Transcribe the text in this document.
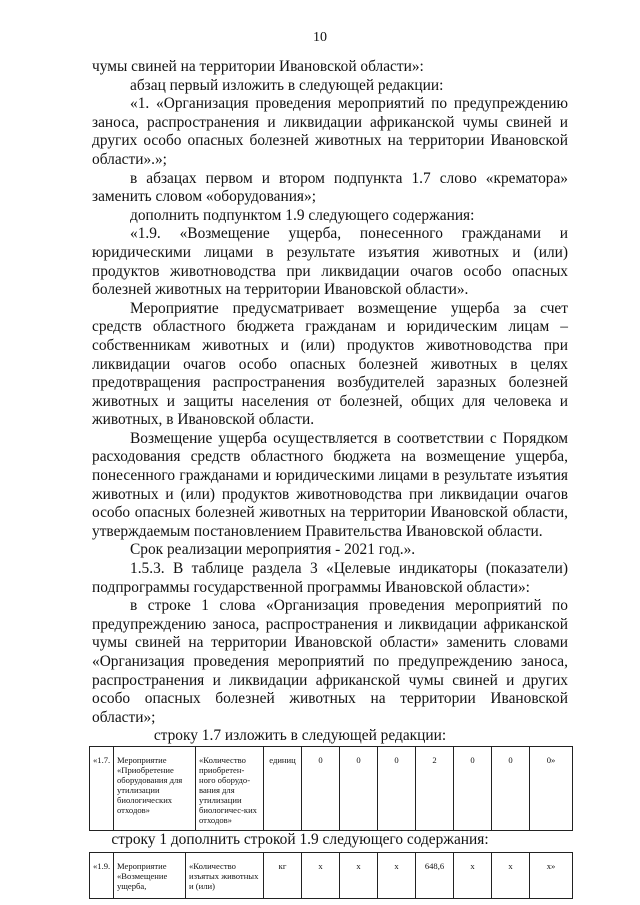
10

чумы свиней на территории Ивановской области»:

абзац первый изложить в следующей редакции:

«1. «Организация проведения мероприятий по предупреждению заноса, распространения и ликвидации африканской чумы свиней и других особо опасных болезней животных на территории Ивановской области».»;

в абзацах первом и втором подпункта 1.7 слово «крематора» заменить словом «оборудования»;

дополнить подпунктом 1.9 следующего содержания:

«1.9. «Возмещение ущерба, понесенного гражданами и юридическими лицами в результате изъятия животных и (или) продуктов животноводства при ликвидации очагов особо опасных болезней животных на территории Ивановской области».

Мероприятие предусматривает возмещение ущерба за счет средств областного бюджета гражданам и юридическим лицам – собственникам животных и (или) продуктов животноводства при ликвидации очагов особо опасных болезней животных в целях предотвращения распространения возбудителей заразных болезней животных и защиты населения от болезней, общих для человека и животных, в Ивановской области.

Возмещение ущерба осуществляется в соответствии с Порядком расходования средств областного бюджета на возмещение ущерба, понесенного гражданами и юридическими лицами в результате изъятия животных и (или) продуктов животноводства при ликвидации очагов особо опасных болезней животных на территории Ивановской области, утверждаемым постановлением Правительства Ивановской области.

Срок реализации мероприятия - 2021 год.».

1.5.3. В таблице раздела 3 «Целевые индикаторы (показатели) подпрограммы государственной программы Ивановской области»:

в строке 1 слова «Организация проведения мероприятий по предупреждению заноса, распространения и ликвидации африканской чумы свиней на территории Ивановской области» заменить словами «Организация проведения мероприятий по предупреждению заноса, распространения и ликвидации африканской чумы свиней и других особо опасных болезней животных на территории Ивановской области»;

строку 1.7 изложить в следующей редакции:

«1.7.	Мероприятие «Приобретение оборудования для утилизации биологических отходов»	«Количество приобретен-ного оборудо-вания для утилизации биологичес-ких отходов»	единиц	0	0	0	2	0	0	0»

строку 1 дополнить строкой 1.9 следующего содержания:

«1.9.	Мероприятие «Возмещение ущерба,	«Количество изъятых животных и (или)	кг	х	х	х	648,6	х	х	х»
